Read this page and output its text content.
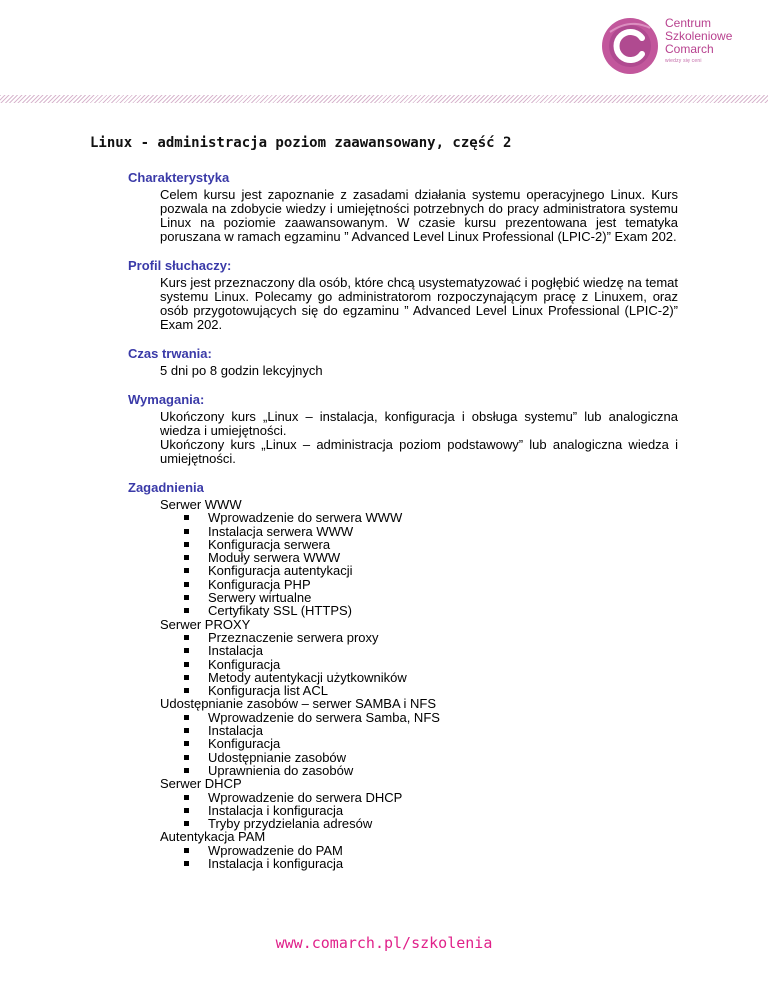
Centrum
Szkoleniowe
Comarch
wiedzy się ceni
Linux - administracja poziom zaawansowany, część 2
Charakterystyka

Celem kursu jest zapoznanie z zasadami działania systemu operacyjnego Linux. Kurs pozwala na zdobycie wiedzy i umiejętności potrzebnych do pracy administratora systemu Linux na poziomie zaawansowanym. W czasie kursu prezentowana jest tematyka poruszana w ramach egzaminu ” Advanced Level Linux Professional (LPIC-2)” Exam 202.

Profil słuchaczy:

Kurs jest przeznaczony dla osób, które chcą usystematyzować i pogłębić wiedzę na temat systemu Linux. Polecamy go administratorom rozpoczynającym pracę z Linuxem, oraz osób przygotowujących się do egzaminu ” Advanced Level Linux Professional (LPIC-2)” Exam 202.

Czas trwania:

5 dni po 8 godzin lekcyjnych

Wymagania:

Ukończony kurs „Linux – instalacja, konfiguracja i obsługa systemu” lub analogiczna wiedza i umiejętności.

Ukończony kurs „Linux – administracja poziom podstawowy” lub analogiczna wiedza i umiejętności.

Zagadnienia
Serwer WWW
Wprowadzenie do serwera WWW
Instalacja serwera WWW
Konfiguracja serwera
Moduły serwera WWW
Konfiguracja autentykacji
Konfiguracja PHP
Serwery wirtualne
Certyfikaty SSL (HTTPS)
Serwer PROXY
Przeznaczenie serwera proxy
Instalacja
Konfiguracja
Metody autentykacji użytkowników
Konfiguracja list ACL
Udostępnianie zasobów – serwer SAMBA i NFS
Wprowadzenie do serwera Samba, NFS
Instalacja
Konfiguracja
Udostępnianie zasobów
Uprawnienia do zasobów
Serwer DHCP
Wprowadzenie do serwera DHCP
Instalacja i konfiguracja
Tryby przydzielania adresów
Autentykacja PAM
Wprowadzenie do PAM
Instalacja i konfiguracja
www.comarch.pl/szkolenia
